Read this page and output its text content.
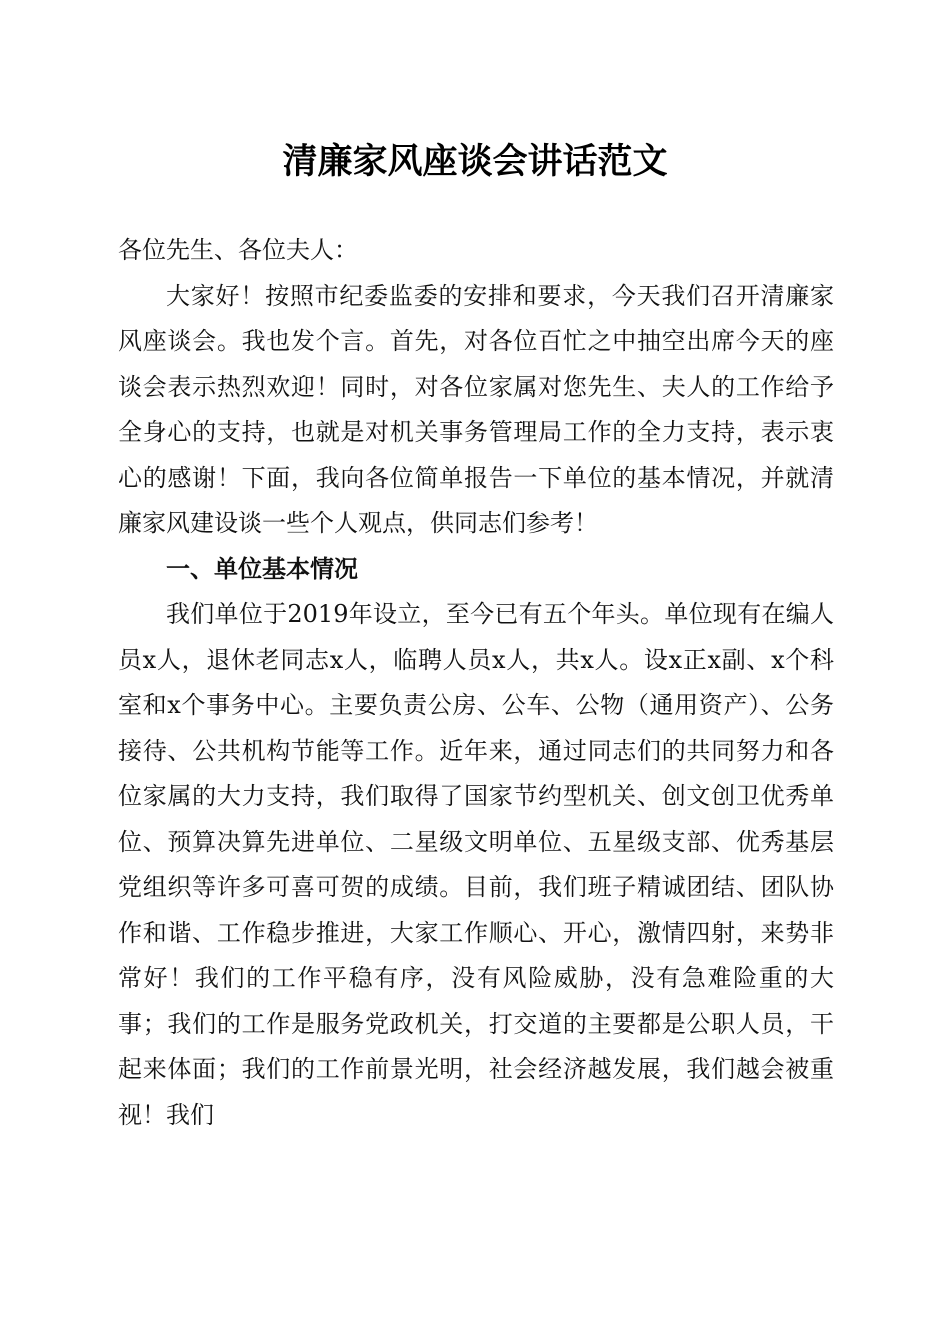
清廉家风座谈会讲话范文

各位先生、各位夫人：

大家好！按照市纪委监委的安排和要求，今天我们召开清廉家风座谈会。我也发个言。首先，对各位百忙之中抽空出席今天的座谈会表示热烈欢迎！同时，对各位家属对您先生、夫人的工作给予全身心的支持，也就是对机关事务管理局工作的全力支持，表示衷心的感谢！下面，我向各位简单报告一下单位的基本情况，并就清廉家风建设谈一些个人观点，供同志们参考！

一、单位基本情况

我们单位于2019年设立，至今已有五个年头。单位现有在编人员x人，退休老同志x人，临聘人员x人，共x人。设x正x副、x个科室和x个事务中心。主要负责公房、公车、公物（通用资产）、公务接待、公共机构节能等工作。近年来，通过同志们的共同努力和各位家属的大力支持，我们取得了国家节约型机关、创文创卫优秀单位、预算决算先进单位、二星级文明单位、五星级支部、优秀基层党组织等许多可喜可贺的成绩。目前，我们班子精诚团结、团队协作和谐、工作稳步推进，大家工作顺心、开心，激情四射，来势非常好！我们的工作平稳有序，没有风险威胁，没有急难险重的大事；我们的工作是服务党政机关，打交道的主要都是公职人员，干起来体面；我们的工作前景光明，社会经济越发展，我们越会被重视！我们
